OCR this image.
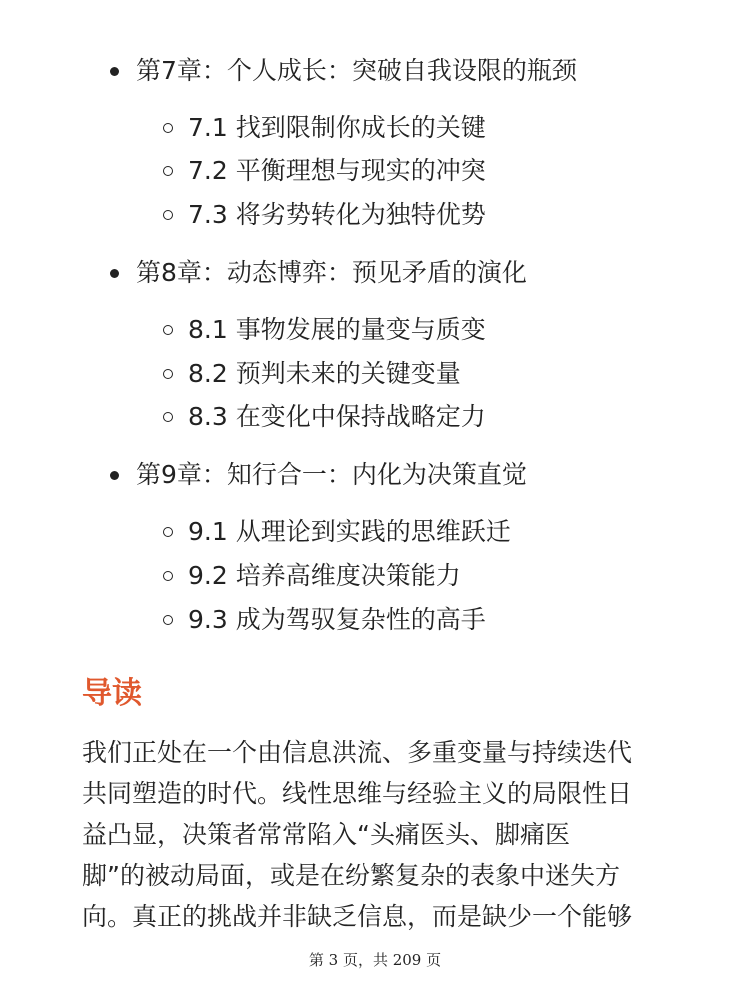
第7章：个人成长：突破自我设限的瓶颈
7.1 找到限制你成长的关键
7.2 平衡理想与现实的冲突
7.3 将劣势转化为独特优势
第8章：动态博弈：预见矛盾的演化
8.1 事物发展的量变与质变
8.2 预判未来的关键变量
8.3 在变化中保持战略定力
第9章：知行合一：内化为决策直觉
9.1 从理论到实践的思维跃迁
9.2 培养高维度决策能力
9.3 成为驾驭复杂性的高手
导读
我们正处在一个由信息洪流、多重变量与持续迭代
共同塑造的时代。线性思维与经验主义的局限性日
益凸显，决策者常常陷入“头痛医头、脚痛医
脚”的被动局面，或是在纷繁复杂的表象中迷失方
向。真正的挑战并非缺乏信息，而是缺少一个能够
第 3 页，共 209 页
